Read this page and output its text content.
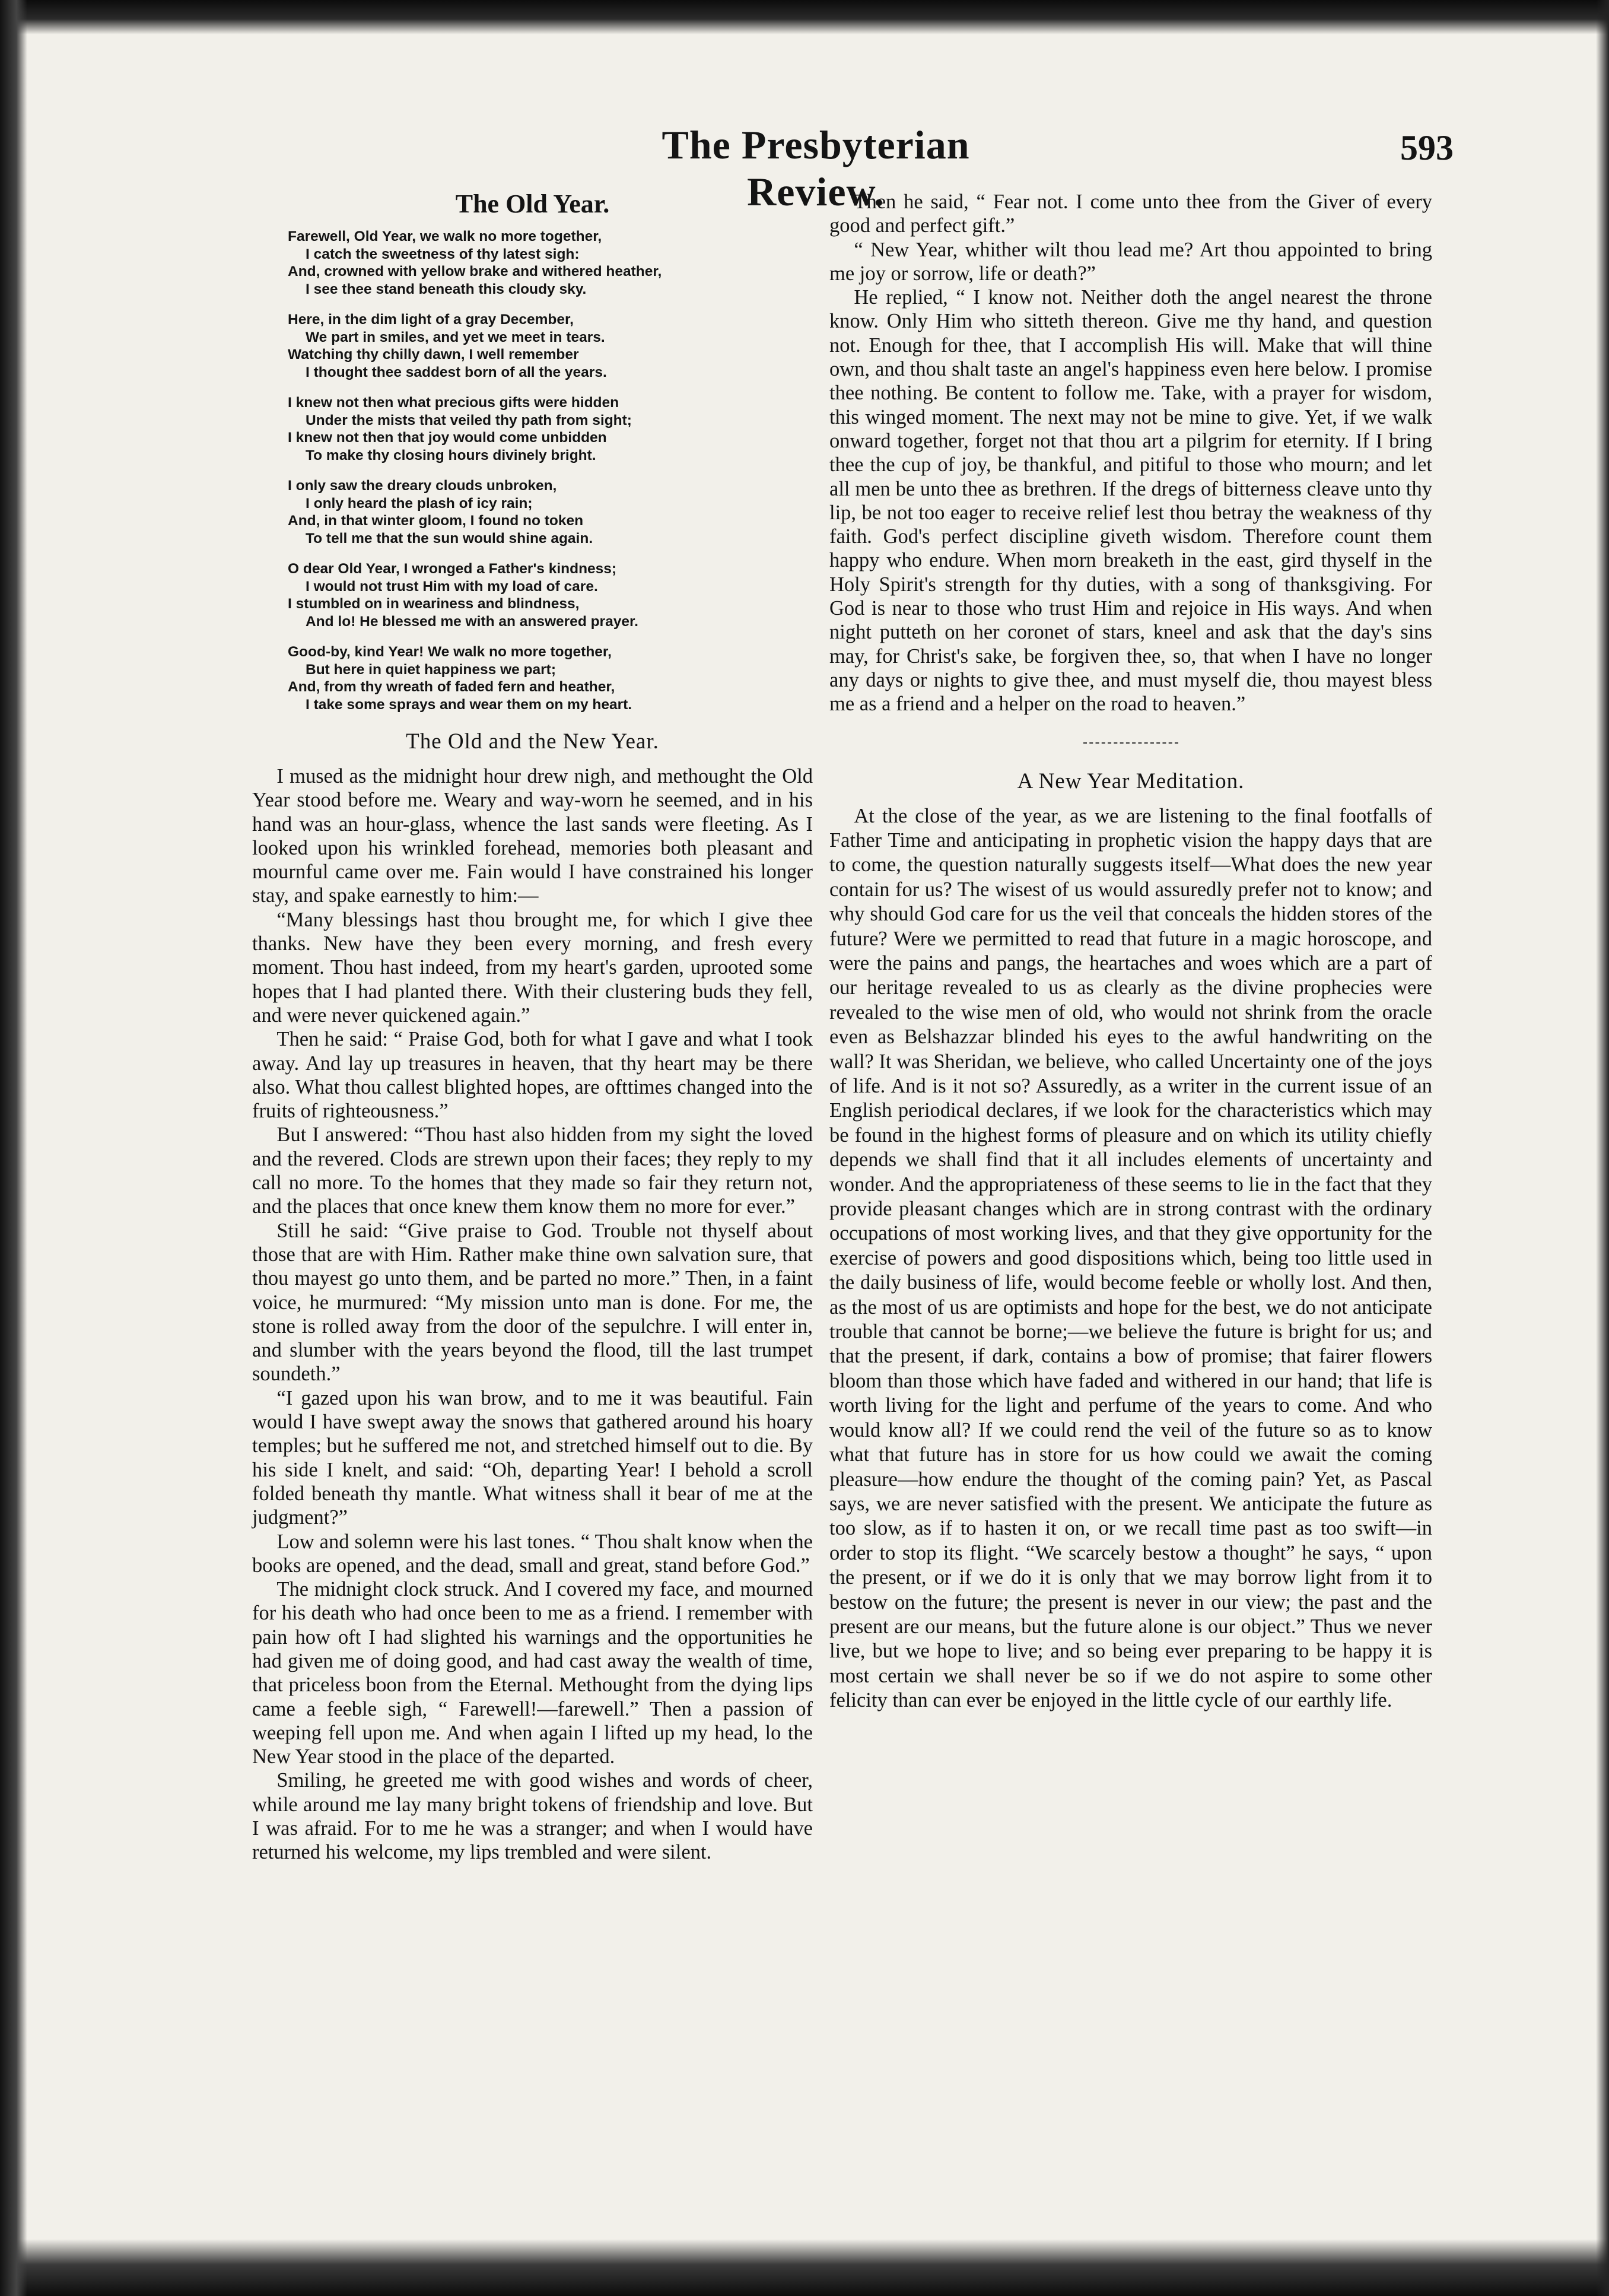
The Presbyterian Review.
593
The Old Year.
Farewell, Old Year, we walk no more together,
I catch the sweetness of thy latest sigh:
And, crowned with yellow brake and withered heather,
I see thee stand beneath this cloudy sky.
Here, in the dim light of a gray December,
We part in smiles, and yet we meet in tears.
Watching thy chilly dawn, I well remember
I thought thee saddest born of all the years.
I knew not then what precious gifts were hidden
Under the mists that veiled thy path from sight;
I knew not then that joy would come unbidden
To make thy closing hours divinely bright.
I only saw the dreary clouds unbroken,
I only heard the plash of icy rain;
And, in that winter gloom, I found no token
To tell me that the sun would shine again.
O dear Old Year, I wronged a Father's kindness;
I would not trust Him with my load of care.
I stumbled on in weariness and blindness,
And lo! He blessed me with an answered prayer.
Good-by, kind Year! We walk no more together,
But here in quiet happiness we part;
And, from thy wreath of faded fern and heather,
I take some sprays and wear them on my heart.
The Old and the New Year.

I mused as the midnight hour drew nigh, and methought the Old Year stood before me. Weary and way-worn he seemed, and in his hand was an hour-glass, whence the last sands were fleeting. As I looked upon his wrinkled forehead, memories both pleasant and mournful came over me. Fain would I have constrained his longer stay, and spake earnestly to him:—

“Many blessings hast thou brought me, for which I give thee thanks. New have they been every morning, and fresh every moment. Thou hast indeed, from my heart's garden, uprooted some hopes that I had planted there. With their clustering buds they fell, and were never quickened again.”

Then he said: “ Praise God, both for what I gave and what I took away. And lay up treasures in heaven, that thy heart may be there also. What thou callest blighted hopes, are ofttimes changed into the fruits of righteousness.”

But I answered: “Thou hast also hidden from my sight the loved and the revered. Clods are strewn upon their faces; they reply to my call no more. To the homes that they made so fair they return not, and the places that once knew them know them no more for ever.”

Still he said: “Give praise to God. Trouble not thyself about those that are with Him. Rather make thine own salvation sure, that thou mayest go unto them, and be parted no more.” Then, in a faint voice, he murmured: “My mission unto man is done. For me, the stone is rolled away from the door of the sepulchre. I will enter in, and slumber with the years beyond the flood, till the last trumpet soundeth.”

“I gazed upon his wan brow, and to me it was beautiful. Fain would I have swept away the snows that gathered around his hoary temples; but he suffered me not, and stretched himself out to die. By his side I knelt, and said: “Oh, departing Year! I behold a scroll folded beneath thy mantle. What witness shall it bear of me at the judgment?”

Low and solemn were his last tones. “ Thou shalt know when the books are opened, and the dead, small and great, stand before God.”

The midnight clock struck. And I covered my face, and mourned for his death who had once been to me as a friend. I remember with pain how oft I had slighted his warnings and the opportunities he had given me of doing good, and had cast away the wealth of time, that priceless boon from the Eternal. Methought from the dying lips came a feeble sigh, “ Farewell!—farewell.” Then a passion of weeping fell upon me. And when again I lifted up my head, lo the New Year stood in the place of the departed.

Smiling, he greeted me with good wishes and words of cheer, while around me lay many bright tokens of friendship and love. But I was afraid. For to me he was a stranger; and when I would have returned his welcome, my lips trembled and were silent.

Then he said, “ Fear not. I come unto thee from the Giver of every good and perfect gift.”

“ New Year, whither wilt thou lead me? Art thou appointed to bring me joy or sorrow, life or death?”

He replied, “ I know not. Neither doth the angel nearest the throne know. Only Him who sitteth thereon. Give me thy hand, and question not. Enough for thee, that I accomplish His will. Make that will thine own, and thou shalt taste an angel's happiness even here below. I promise thee nothing. Be content to follow me. Take, with a prayer for wisdom, this winged moment. The next may not be mine to give. Yet, if we walk onward together, forget not that thou art a pilgrim for eternity. If I bring thee the cup of joy, be thankful, and pitiful to those who mourn; and let all men be unto thee as brethren. If the dregs of bitterness cleave unto thy lip, be not too eager to receive relief lest thou betray the weakness of thy faith. God's perfect discipline giveth wisdom. Therefore count them happy who endure. When morn breaketh in the east, gird thyself in the Holy Spirit's strength for thy duties, with a song of thanksgiving. For God is near to those who trust Him and rejoice in His ways. And when night putteth on her coronet of stars, kneel and ask that the day's sins may, for Christ's sake, be forgiven thee, so, that when I have no longer any days or nights to give thee, and must myself die, thou mayest bless me as a friend and a helper on the road to heaven.”

A New Year Meditation.

At the close of the year, as we are listening to the final footfalls of Father Time and anticipating in prophetic vision the happy days that are to come, the question naturally suggests itself—What does the new year contain for us? The wisest of us would assuredly prefer not to know; and why should God care for us the veil that conceals the hidden stores of the future? Were we permitted to read that future in a magic horoscope, and were the pains and pangs, the heartaches and woes which are a part of our heritage revealed to us as clearly as the divine prophecies were revealed to the wise men of old, who would not shrink from the oracle even as Belshazzar blinded his eyes to the awful handwriting on the wall? It was Sheridan, we believe, who called Uncertainty one of the joys of life. And is it not so? Assuredly, as a writer in the current issue of an English periodical declares, if we look for the characteristics which may be found in the highest forms of pleasure and on which its utility chiefly depends we shall find that it all includes elements of uncertainty and wonder. And the appropriateness of these seems to lie in the fact that they provide pleasant changes which are in strong contrast with the ordinary occupations of most working lives, and that they give opportunity for the exercise of powers and good dispositions which, being too little used in the daily business of life, would become feeble or wholly lost. And then, as the most of us are optimists and hope for the best, we do not anticipate trouble that cannot be borne;—we believe the future is bright for us; and that the present, if dark, contains a bow of promise; that fairer flowers bloom than those which have faded and withered in our hand; that life is worth living for the light and perfume of the years to come. And who would know all? If we could rend the veil of the future so as to know what that future has in store for us how could we await the coming pleasure—how endure the thought of the coming pain? Yet, as Pascal says, we are never satisfied with the present. We anticipate the future as too slow, as if to hasten it on, or we recall time past as too swift—in order to stop its flight. “We scarcely bestow a thought” he says, “ upon the present, or if we do it is only that we may borrow light from it to bestow on the future; the present is never in our view; the past and the present are our means, but the future alone is our object.” Thus we never live, but we hope to live; and so being ever preparing to be happy it is most certain we shall never be so if we do not aspire to some other felicity than can ever be enjoyed in the little cycle of our earthly life.
